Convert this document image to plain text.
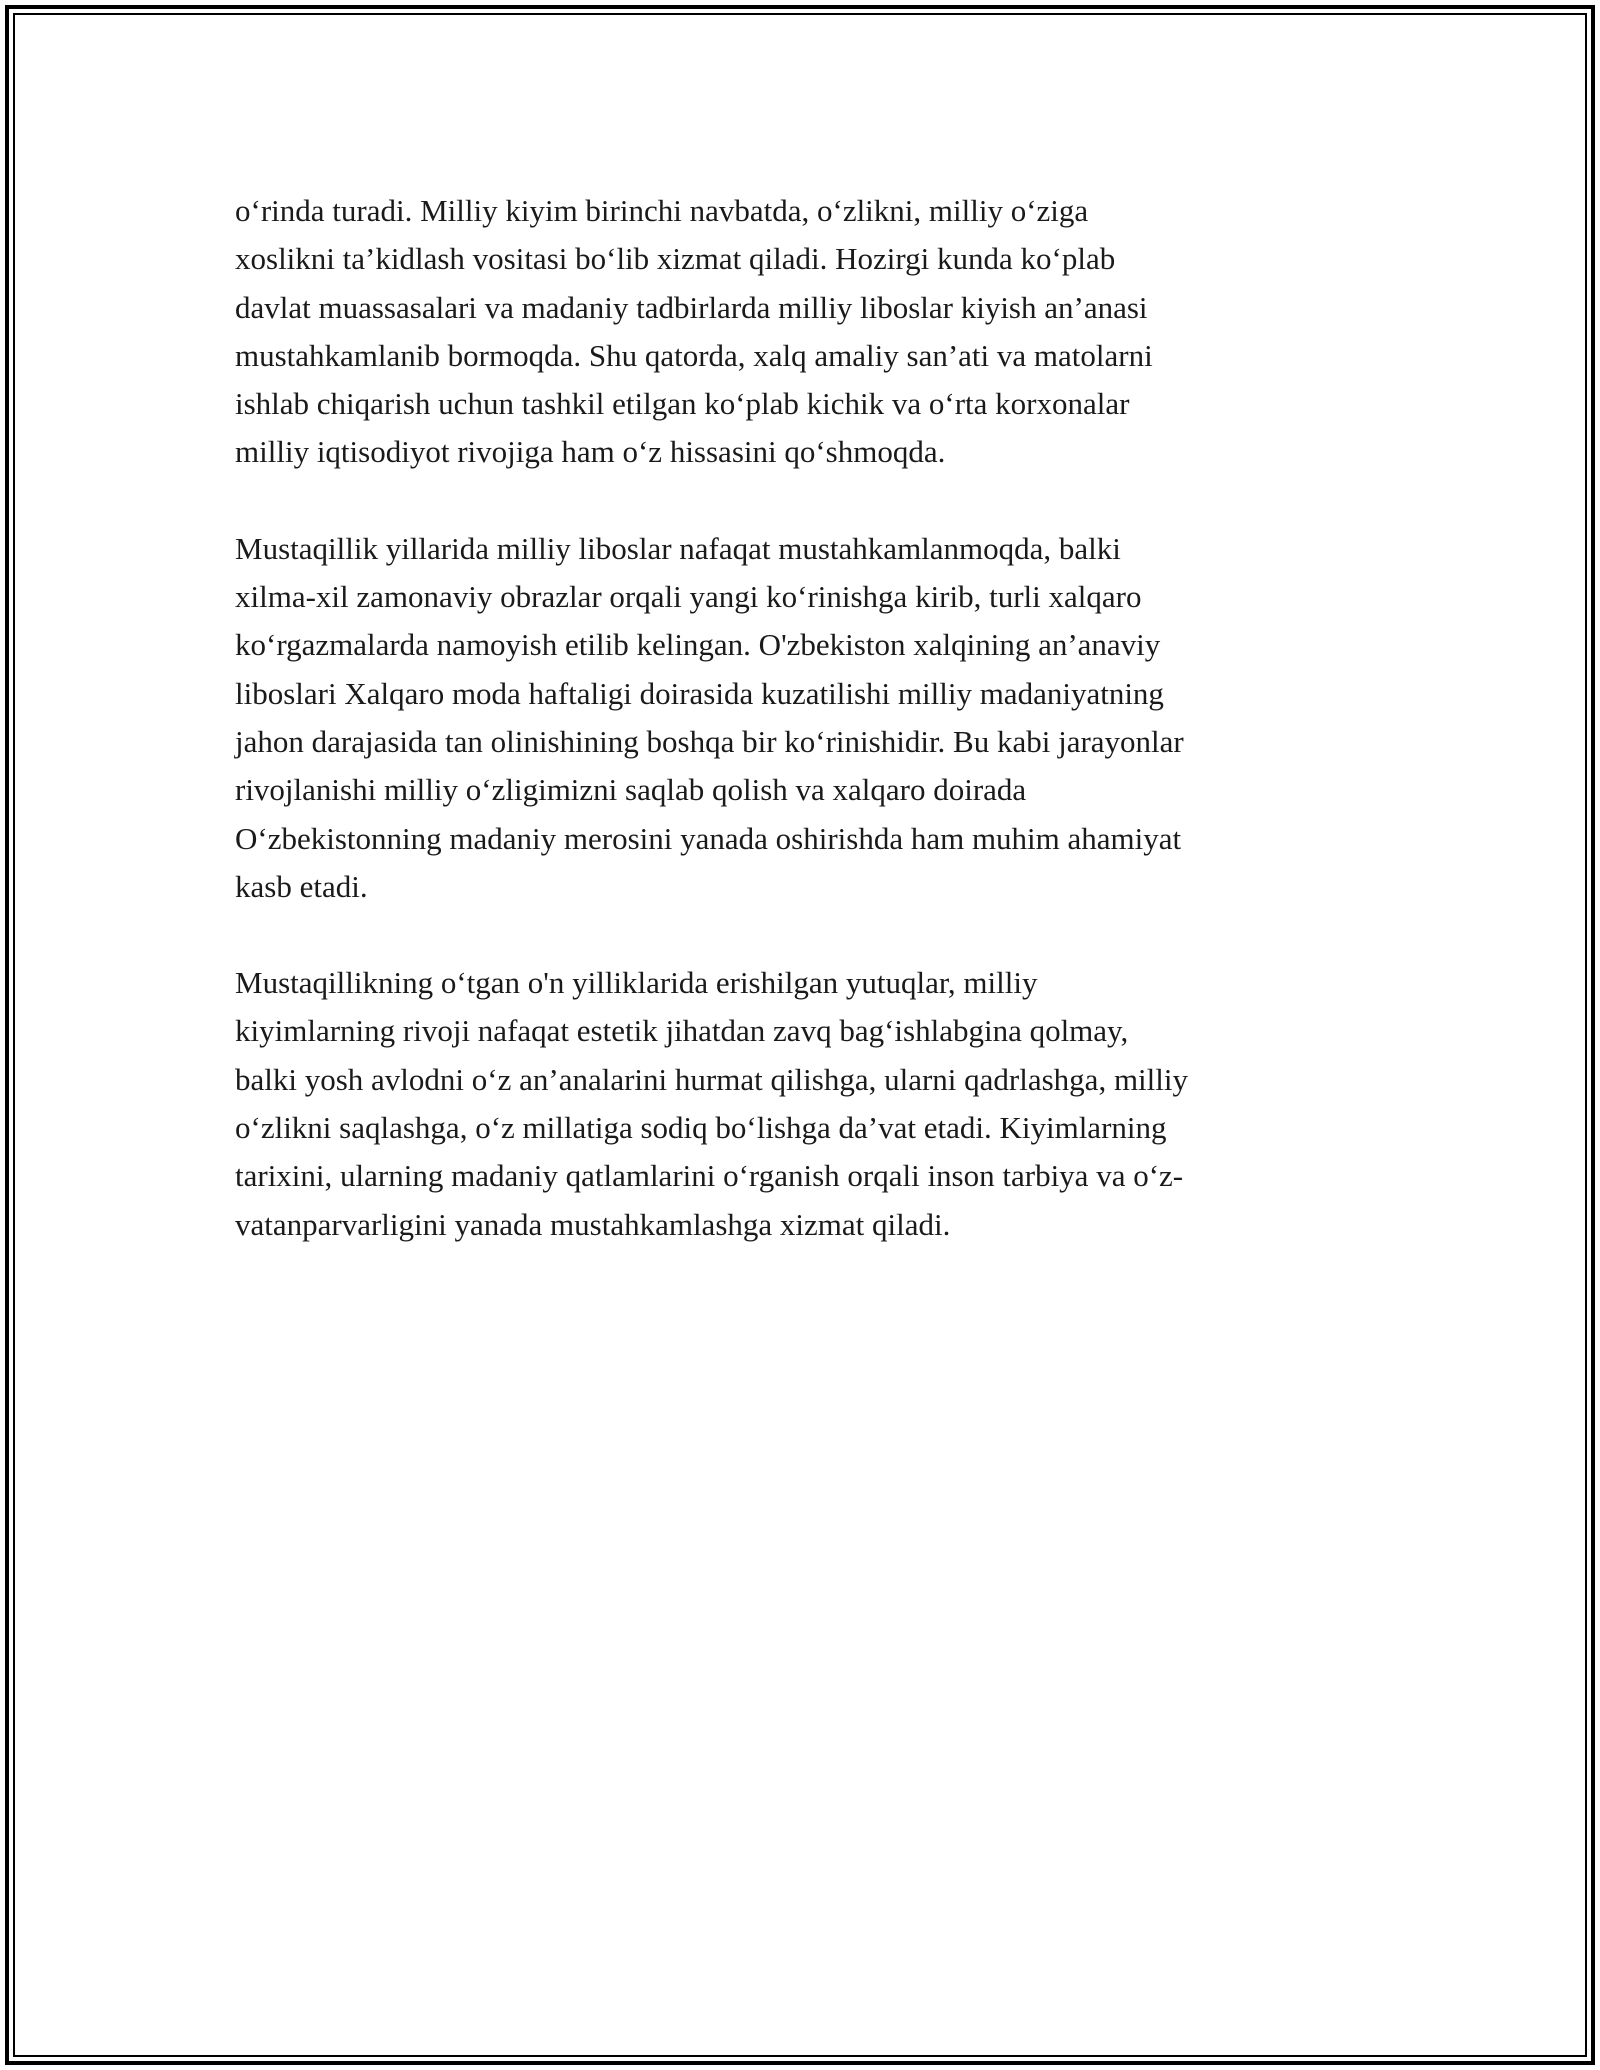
o‘rinda turadi. Milliy kiyim birinchi navbatda, o‘zlikni, milliy o‘ziga
xoslikni ta’kidlash vositasi bo‘lib xizmat qiladi. Hozirgi kunda ko‘plab
davlat muassasalari va madaniy tadbirlarda milliy liboslar kiyish an’anasi
mustahkamlanib bormoqda. Shu qatorda, xalq amaliy san’ati va matolarni
ishlab chiqarish uchun tashkil etilgan ko‘plab kichik va o‘rta korxonalar
milliy iqtisodiyot rivojiga ham o‘z hissasini qo‘shmoqda.

Mustaqillik yillarida milliy liboslar nafaqat mustahkamlanmoqda, balki
xilma-xil zamonaviy obrazlar orqali yangi ko‘rinishga kirib, turli xalqaro
ko‘rgazmalarda namoyish etilib kelingan. O'zbekiston xalqining an’anaviy
liboslari Xalqaro moda haftaligi doirasida kuzatilishi milliy madaniyatning
jahon darajasida tan olinishining boshqa bir ko‘rinishidir. Bu kabi jarayonlar
rivojlanishi milliy o‘zligimizni saqlab qolish va xalqaro doirada
O‘zbekistonning madaniy merosini yanada oshirishda ham muhim ahamiyat
kasb etadi.

Mustaqillikning o‘tgan o'n yilliklarida erishilgan yutuqlar, milliy
kiyimlarning rivoji nafaqat estetik jihatdan zavq bag‘ishlabgina qolmay,
balki yosh avlodni o‘z an’analarini hurmat qilishga, ularni qadrlashga, milliy
o‘zlikni saqlashga, o‘z millatiga sodiq bo‘lishga da’vat etadi. Kiyimlarning
tarixini, ularning madaniy qatlamlarini o‘rganish orqali inson tarbiya va o‘z-
vatanparvarligini yanada mustahkamlashga xizmat qiladi.
